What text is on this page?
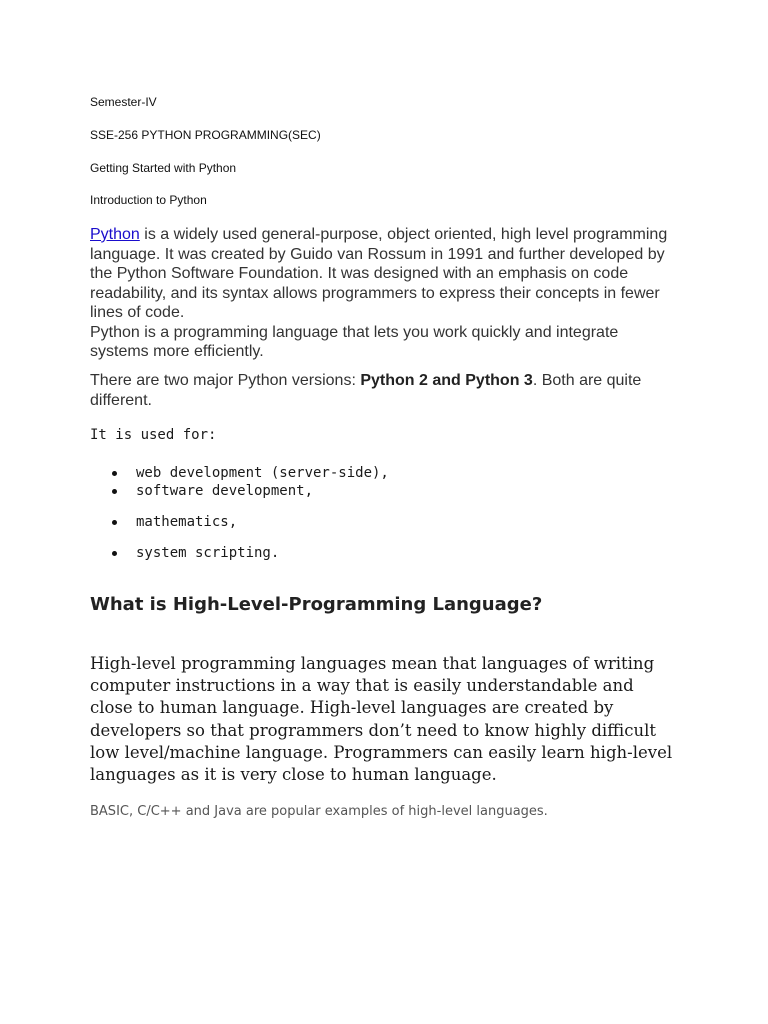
Semester-IV
SSE-256 PYTHON PROGRAMMING(SEC)
Getting Started with Python
Introduction to Python

Python is a widely used general-purpose, object oriented, high level programming language. It was created by Guido van Rossum in 1991 and further developed by the Python Software Foundation. It was designed with an emphasis on code readability, and its syntax allows programmers to express their concepts in fewer lines of code.
Python is a programming language that lets you work quickly and integrate systems more efficiently.

There are two major Python versions: Python 2 and Python 3. Both are quite different.

It is used for:

web development (server-side),
software development,
mathematics,
system scripting.
What is High-Level-Programming Language?

High-level programming languages mean that languages of writing computer instructions in a way that is easily understandable and close to human language. High-level languages are created by developers so that programmers don’t need to know highly difficult low level/machine language. Programmers can easily learn high-level languages as it is very close to human language.

BASIC, C/C++ and Java are popular examples of high-level languages.
